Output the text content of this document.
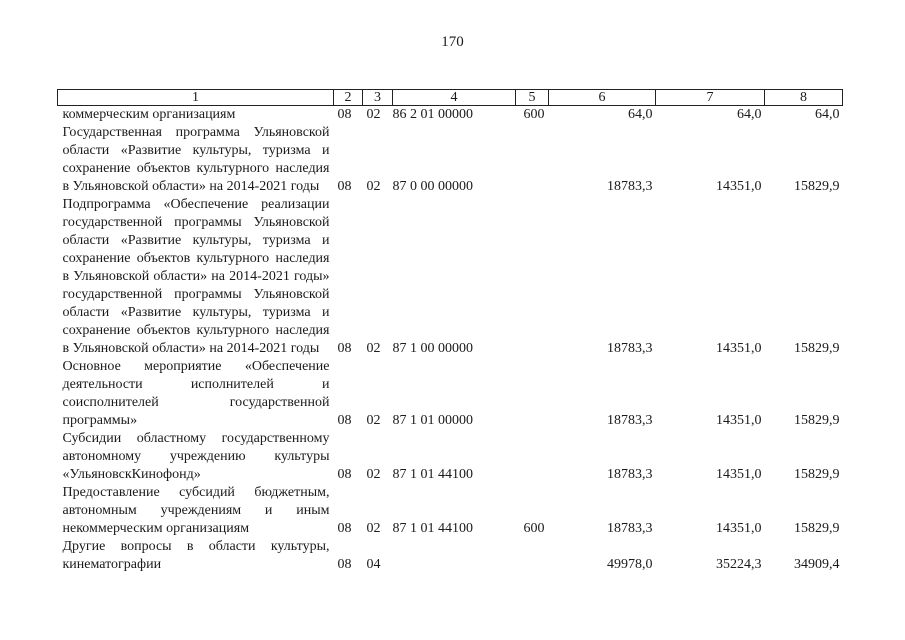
170
1	2	3	4	5	6	7	8
коммерческим организациям	08	02	86 2 01 00000	600	64,0	64,0	64,0
Государственная программа Ульяновской области «Развитие культуры, туризма и сохранение объектов культурного наследия в Ульяновской области» на 2014-2021 годы	08	02	87 0 00 00000		18783,3	14351,0	15829,9
Подпрограмма «Обеспечение реализации государственной программы Ульяновской области «Развитие культуры, туризма и сохранение объектов культурного наследия в Ульяновской области» на 2014-2021 годы» государственной программы Ульяновской области «Развитие культуры, туризма и сохранение объектов культурного наследия в Ульяновской области» на 2014-2021 годы	08	02	87 1 00 00000		18783,3	14351,0	15829,9
Основное мероприятие «Обеспечение деятельности исполнителей и соисполнителей государственной программы»	08	02	87 1 01 00000		18783,3	14351,0	15829,9
Субсидии областному государственному автономному учреждению культуры «УльяновскКинофонд»	08	02	87 1 01 44100		18783,3	14351,0	15829,9
Предоставление субсидий бюджетным, автономным учреждениям и иным некоммерческим организациям	08	02	87 1 01 44100	600	18783,3	14351,0	15829,9
Другие вопросы в области культуры, кинематографии	08	04			49978,0	35224,3	34909,4
